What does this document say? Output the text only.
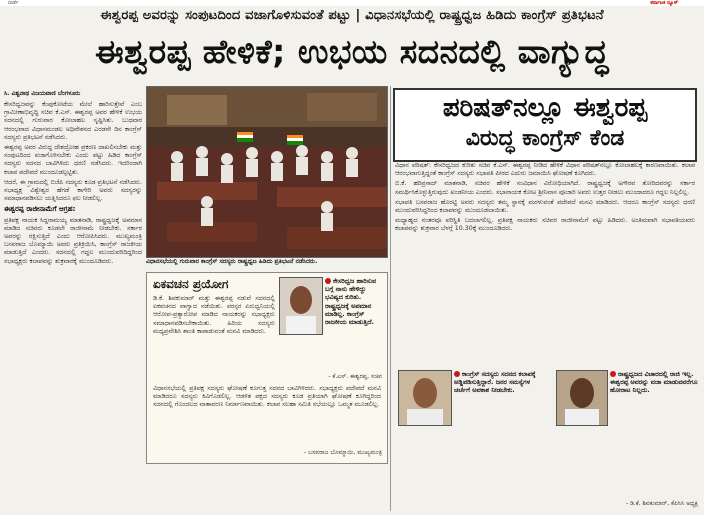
ವಾರ್ತೆ	ಕರ್ನಾಟಕ ನ್ಯೂಸ್
ಈಶ್ವರಪ್ಪ ಅವರನ್ನು ಸಂಪುಟದಿಂದ ವಜಾಗೊಳಿಸುವಂತೆ ಪಟ್ಟು | ವಿಧಾನಸಭೆಯಲ್ಲಿ ರಾಷ್ಟ್ರಧ್ವಜ ಹಿಡಿದು ಕಾಂಗ್ರೆಸ್ ಪ್ರತಿಭಟನೆ
ಈಶ್ವರಪ್ಪ ಹೇಳಿಕೆ; ಉಭಯ ಸದನದಲ್ಲಿ ವಾಗ್ಯುದ್ಧ
ಸಿ. ವಿಶ್ವನಾಥ ವಿಜಯವಾಣಿ ಬೆಂಗಳೂರು

ಕೇಸರಿಧ್ವಜವನ್ನು ಕೆಂಪುಕೋಟೆಯ ಮೇಲೆ ಹಾರಿಸುತ್ತೇವೆ ಎಂಬ ಗ್ರಾಮೀಣಾಭಿವೃದ್ಧಿ ಸಚಿವ ಕೆ.ಎಸ್. ಈಶ್ವರಪ್ಪ ಅವರ ಹೇಳಿಕೆ ಉಭಯ ಸದನದಲ್ಲಿ ಗುರುವಾರ ಕೋಲಾಹಲ ಸೃಷ್ಟಿಸಿತು. ಬುಧವಾರ ಆರಂಭವಾದ ವಿಧಾನಮಂಡಲ ಅಧಿವೇಶನದ ಎರಡನೇ ದಿನ ಕಾಂಗ್ರೆಸ್ ಸದಸ್ಯರು ಪ್ರತಿಭಟನೆ ನಡೆಸಿದರು.

ಈಶ್ವರಪ್ಪ ಅವರ ವಿರುದ್ಧ ದೇಶದ್ರೋಹ ಪ್ರಕರಣ ದಾಖಲಿಸಬೇಕು ಮತ್ತು ಸಂಪುಟದಿಂದ ವಜಾಗೊಳಿಸಬೇಕು ಎಂದು ಪಟ್ಟು ಹಿಡಿದ ಕಾಂಗ್ರೆಸ್ ಸದಸ್ಯರು ಸದನದ ಬಾವಿಗಿಳಿದು ಧರಣಿ ನಡೆಸಿದರು. ಇದರಿಂದಾಗಿ ಕಲಾಪ ಪದೇಪದೆ ಮುಂದೂಡಲ್ಪಟ್ಟಿತು.

ಆದರೆ, ಈ ಗ್ರಾಮದಲ್ಲಿ ಬಿಜೆಪಿ ಸದಸ್ಯರು ಕೂಡ ಪ್ರತಿಭಟನೆ ನಡೆಸಿದರು. ಸಭಾಧ್ಯಕ್ಷ ವಿಶ್ವೇಶ್ವರ ಹೆಗಡೆ ಕಾಗೇರಿ ಅವರು ಸದಸ್ಯರನ್ನು ಸಮಾಧಾನಪಡಿಸಲು ಯತ್ನಿಸಿದರೂ ಫಲ ನೀಡಲಿಲ್ಲ.

ಈಶ್ವರಪ್ಪ ರಾಜೀನಾಮೆಗೆ ಆಗ್ರಹ:

ಪ್ರತಿಪಕ್ಷ ನಾಯಕ ಸಿದ್ದರಾಮಯ್ಯ ಮಾತನಾಡಿ, ರಾಷ್ಟ್ರಧ್ವಜಕ್ಕೆ ಅಪಮಾನ ಮಾಡಿದ ಸಚಿವರು ಕೂಡಲೇ ರಾಜೀನಾಮೆ ನೀಡಬೇಕು. ಸರ್ಕಾರ ಅವರನ್ನು ರಕ್ಷಿಸುತ್ತಿದೆ ಎಂದು ಆರೋಪಿಸಿದರು. ಮುಖ್ಯಮಂತ್ರಿ ಬಸವರಾಜ ಬೊಮ್ಮಾಯಿ ಅವರು ಪ್ರತಿಕ್ರಿಯಿಸಿ, ಕಾಂಗ್ರೆಸ್ ರಾಜಕೀಯ ಮಾಡುತ್ತಿದೆ ಎಂದರು. ಸದನದಲ್ಲಿ ಗದ್ದಲ ಮುಂದುವರಿದಿದ್ದರಿಂದ ಸಭಾಧ್ಯಕ್ಷರು ಕಲಾಪವನ್ನು ಶುಕ್ರವಾರಕ್ಕೆ ಮುಂದೂಡಿದರು.	ವಿಧಾನಸಭೆಯಲ್ಲಿ ಗುರುವಾರ ಕಾಂಗ್ರೆಸ್ ಸದಸ್ಯರು ರಾಷ್ಟ್ರಧ್ವಜ ಹಿಡಿದು ಪ್ರತಿಭಟನೆ ನಡೆಸಿದರು.
ಪರಿಷತ್‌ನಲ್ಲೂ ಈಶ್ವರಪ್ಪ
ವಿರುದ್ಧ ಕಾಂಗ್ರೆಸ್ ಕೆಂಡ

ವಿಧಾನ ಪರಿಷತ್: ಕೇಸರಿಧ್ವಜದ ಕುರಿತು ಸಚಿವ ಕೆ.ಎಸ್. ಈಶ್ವರಪ್ಪ ನೀಡಿದ ಹೇಳಿಕೆ ವಿಧಾನ ಪರಿಷತ್‌ನಲ್ಲೂ ಕೋಲಾಹಲಕ್ಕೆ ಕಾರಣವಾಯಿತು. ಕಲಾಪ ಆರಂಭವಾಗುತ್ತಿದ್ದಂತೆ ಕಾಂಗ್ರೆಸ್ ಸದಸ್ಯರು ಸಭಾಪತಿ ಪೀಠದ ಎದುರು ಜಮಾಯಿಸಿ ಘೋಷಣೆ ಕೂಗಿದರು.

ಬಿ.ಕೆ. ಹರಿಪ್ರಸಾದ್ ಮಾತನಾಡಿ, ಸಚಿವರ ಹೇಳಿಕೆ ಸಂವಿಧಾನ ವಿರೋಧಿಯಾಗಿದೆ. ರಾಷ್ಟ್ರಧ್ವಜಕ್ಕೆ ಅಗೌರವ ತೋರಿದವರನ್ನು ಸರ್ಕಾರ ಸಮರ್ಥಿಸಿಕೊಳ್ಳುತ್ತಿರುವುದು ಖಂಡನೀಯ ಎಂದರು. ಸಭಾನಾಯಕ ಕೋಟ ಶ್ರೀನಿವಾಸ ಪೂಜಾರಿ ಅವರು ಉತ್ತರ ನೀಡಲು ಮುಂದಾದರೂ ಗದ್ದಲ ನಿಲ್ಲಲಿಲ್ಲ.

ಸಭಾಪತಿ ಬಸವರಾಜ ಹೊರಟ್ಟಿ ಅವರು ಸದಸ್ಯರು ತಮ್ಮ ಸ್ಥಾನಕ್ಕೆ ಮರಳುವಂತೆ ಪದೇಪದೆ ಮನವಿ ಮಾಡಿದರು. ಆದರೂ ಕಾಂಗ್ರೆಸ್ ಸದಸ್ಯರು ಧರಣಿ ಮುಂದುವರಿಸಿದ್ದರಿಂದ ಕಲಾಪವನ್ನು ಮುಂದೂಡಲಾಯಿತು.

ಮಧ್ಯಾಹ್ನದ ನಂತರವೂ ಪರಿಸ್ಥಿತಿ ಬದಲಾಗಲಿಲ್ಲ. ಪ್ರತಿಪಕ್ಷ ನಾಯಕರು ಸಚಿವರ ರಾಜೀನಾಮೆಗೆ ಪಟ್ಟು ಹಿಡಿದರು. ಅಂತಿಮವಾಗಿ ಸಭಾಪತಿಯವರು ಕಲಾಪವನ್ನು ಶುಕ್ರವಾರ ಬೆಳಗ್ಗೆ 10.30ಕ್ಕೆ ಮುಂದೂಡಿದರು.

ಏಕವಚನ ಪ್ರಯೋಗ
ಡಿ.ಕೆ. ಶಿವಕುಮಾರ್ ಮತ್ತು ಈಶ್ವರಪ್ಪ ನಡುವೆ ಸದನದಲ್ಲಿ ಏಕವಚನದ ವಾಗ್ವಾದ ನಡೆಯಿತು. ಪರಸ್ಪರ ಏರುಧ್ವನಿಯಲ್ಲಿ ಆರೋಪ-ಪ್ರತ್ಯಾರೋಪ ಮಾಡಿದ ನಾಯಕರನ್ನು ಸಭಾಧ್ಯಕ್ಷರು ಸಮಾಧಾನಪಡಿಸಬೇಕಾಯಿತು. ಹಿರಿಯ ಸದಸ್ಯರು ಮಧ್ಯಪ್ರವೇಶಿಸಿ ಶಾಂತಿ ಕಾಪಾಡುವಂತೆ ಮನವಿ ಮಾಡಿದರು.
ಕೇಸರಿಧ್ವಜ ಹಾರಿಸುವ ಬಗ್ಗೆ ನಾನು ಹೇಳಿದ್ದು ಭವಿಷ್ಯದ ಕುರಿತು. ರಾಷ್ಟ್ರಧ್ವಜಕ್ಕೆ ಅಪಮಾನ ಮಾಡಿಲ್ಲ. ಕಾಂಗ್ರೆಸ್ ರಾಜಕೀಯ ಮಾಡುತ್ತಿದೆ.
- ಕೆ.ಎಸ್. ಈಶ್ವರಪ್ಪ, ಸಚಿವ
ವಿಧಾನಸಭೆಯಲ್ಲಿ ಪ್ರತಿಪಕ್ಷ ಸದಸ್ಯರು ಘೋಷಣೆ ಕೂಗುತ್ತ ಸದನದ ಬಾವಿಗಿಳಿದರು. ಸಭಾಧ್ಯಕ್ಷರು ಪದೇಪದೆ ಮನವಿ ಮಾಡಿದರೂ ಸದಸ್ಯರು ಕಿವಿಗೊಡಲಿಲ್ಲ. ಆಡಳಿತ ಪಕ್ಷದ ಸದಸ್ಯರು ಕೂಡ ಪ್ರತಿಯಾಗಿ ಘೋಷಣೆ ಕೂಗಿದ್ದರಿಂದ ಸದನದಲ್ಲಿ ಗೊಂದಲದ ವಾತಾವರಣ ನಿರ್ಮಾಣವಾಯಿತು. ಕಲಾಪ ಸಲಹಾ ಸಮಿತಿ ಸಭೆಯಲ್ಲೂ ಒಮ್ಮತ ಮೂಡಲಿಲ್ಲ.
- ಬಸವರಾಜ ಬೊಮ್ಮಾಯಿ, ಮುಖ್ಯಮಂತ್ರಿ
ಕಾಂಗ್ರೆಸ್ ಸದಸ್ಯರು ಸದನದ ಕಲಾಪಕ್ಕೆ ಅಡ್ಡಿಪಡಿಸುತ್ತಿದ್ದಾರೆ. ಜನರ ಸಮಸ್ಯೆಗಳ ಚರ್ಚೆಗೆ ಅವಕಾಶ ನೀಡಬೇಕು.
ರಾಷ್ಟ್ರಧ್ವಜದ ವಿಚಾರದಲ್ಲಿ ರಾಜಿ ಇಲ್ಲ. ಈಶ್ವರಪ್ಪ ಅವರನ್ನು ವಜಾ ಮಾಡುವವರೆಗೂ ಹೋರಾಟ ನಿಲ್ಲದು.
- ಡಿ.ಕೆ. ಶಿವಕುಮಾರ್, ಕೆಪಿಸಿಸಿ ಅಧ್ಯಕ್ಷ
